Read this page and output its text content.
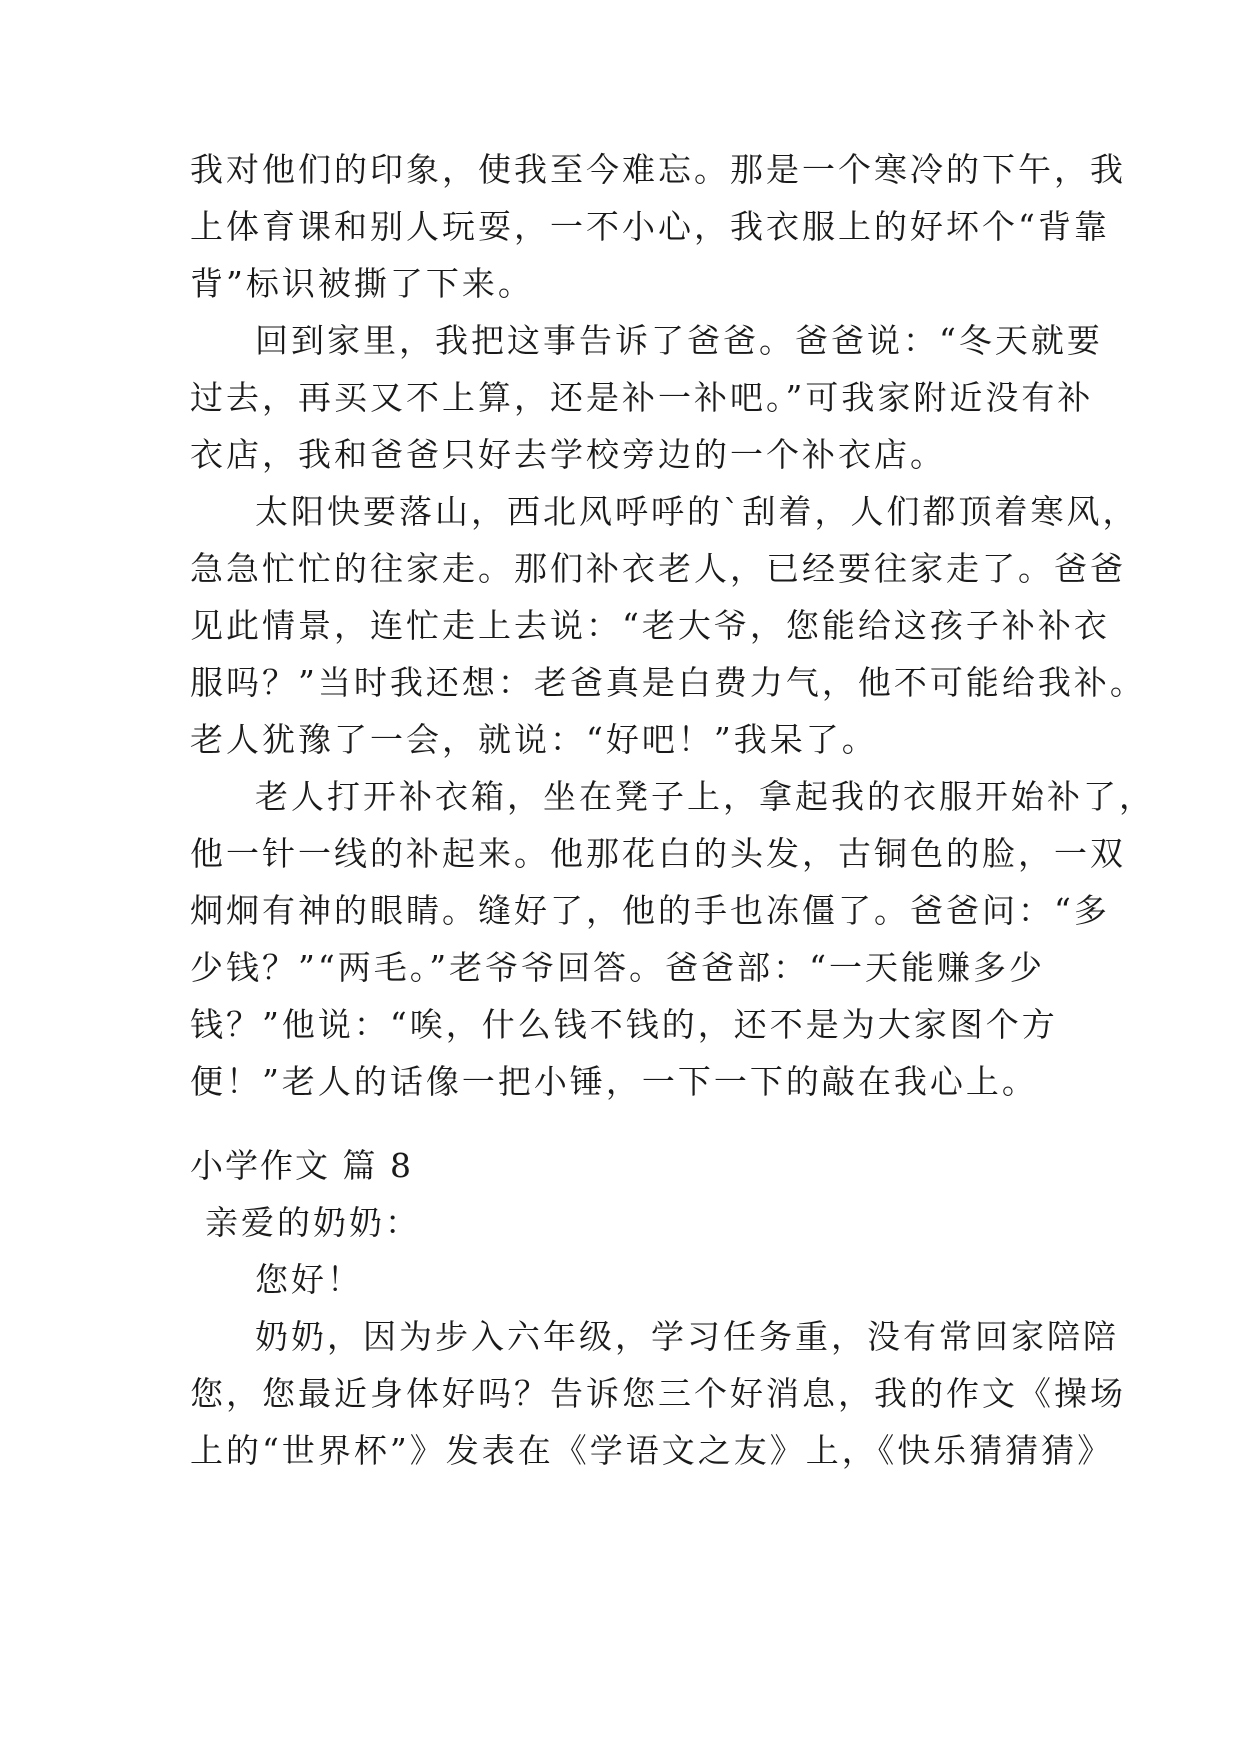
我对他们的印象，使我至今难忘。那是一个寒冷的下午，我
上体育课和别人玩耍，一不小心，我衣服上的好坏个“背靠
背”标识被撕了下来。
回到家里，我把这事告诉了爸爸。爸爸说：“冬天就要
过去，再买又不上算，还是补一补吧。”可我家附近没有补
衣店，我和爸爸只好去学校旁边的一个补衣店。
太阳快要落山，西北风呼呼的`刮着，人们都顶着寒风，
急急忙忙的往家走。那们补衣老人，已经要往家走了。爸爸
见此情景，连忙走上去说：“老大爷，您能给这孩子补补衣
服吗？”当时我还想：老爸真是白费力气，他不可能给我补。
老人犹豫了一会，就说：“好吧！”我呆了。
老人打开补衣箱，坐在凳子上，拿起我的衣服开始补了，
他一针一线的补起来。他那花白的头发，古铜色的脸，一双
炯炯有神的眼睛。缝好了，他的手也冻僵了。爸爸问：“多
少钱？”“两毛。”老爷爷回答。爸爸部：“一天能赚多少
钱？”他说：“唉，什么钱不钱的，还不是为大家图个方
便！”老人的话像一把小锤，一下一下的敲在我心上。
小学作文 篇 8
亲爱的奶奶：
您好！
奶奶，因为步入六年级，学习任务重，没有常回家陪陪
您，您最近身体好吗？告诉您三个好消息，我的作文《操场
上的“世界杯”》发表在《学语文之友》上，《快乐猜猜猜》
